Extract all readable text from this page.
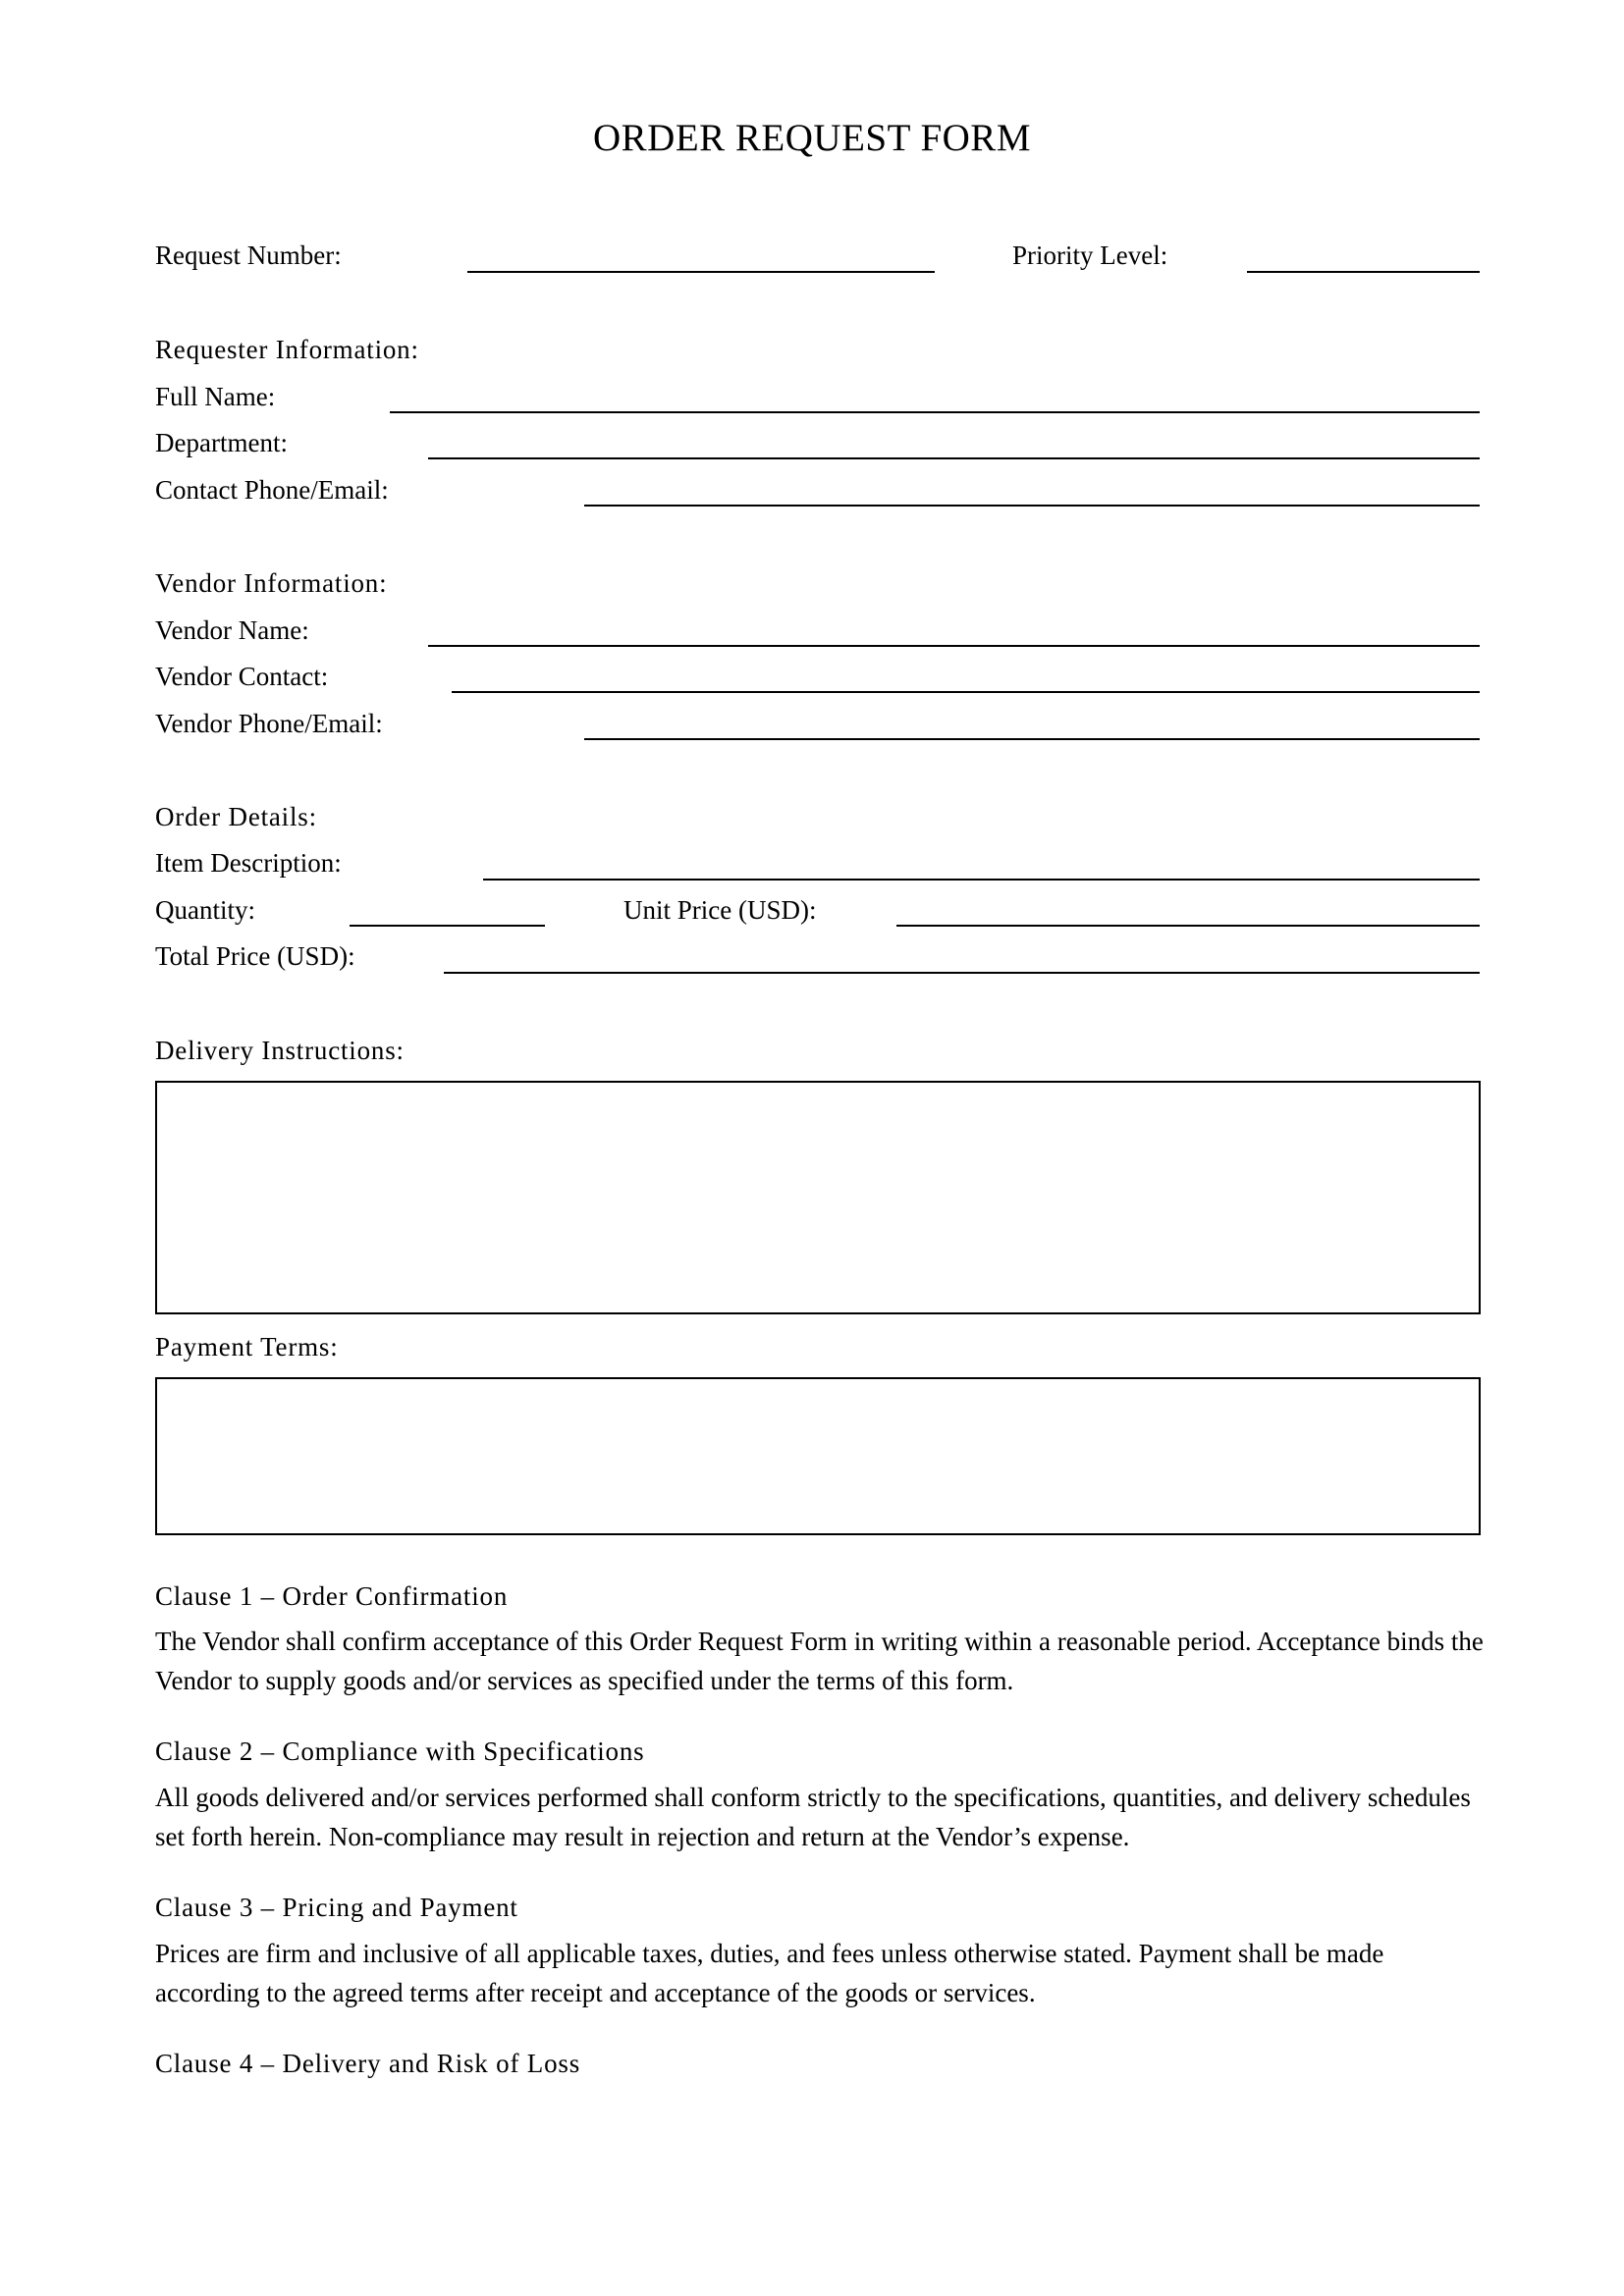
ORDER REQUEST FORM
Request Number:	Priority Level:
Requester Information:
Full Name:
Department:
Contact Phone/Email:
Vendor Information:
Vendor Name:
Vendor Contact:
Vendor Phone/Email:
Order Details:
Item Description:
Quantity:	Unit Price (USD):
Total Price (USD):
Delivery Instructions:
Payment Terms:
Clause 1 – Order Confirmation
The Vendor shall confirm acceptance of this Order Request Form in writing within a reasonable period. Acceptance binds the Vendor to supply goods and/or services as specified under the terms of this form.
Clause 2 – Compliance with Specifications
All goods delivered and/or services performed shall conform strictly to the specifications, quantities, and delivery schedules set forth herein. Non-compliance may result in rejection and return at the Vendor’s expense.
Clause 3 – Pricing and Payment
Prices are firm and inclusive of all applicable taxes, duties, and fees unless otherwise stated. Payment shall be made according to the agreed terms after receipt and acceptance of the goods or services.
Clause 4 – Delivery and Risk of Loss
